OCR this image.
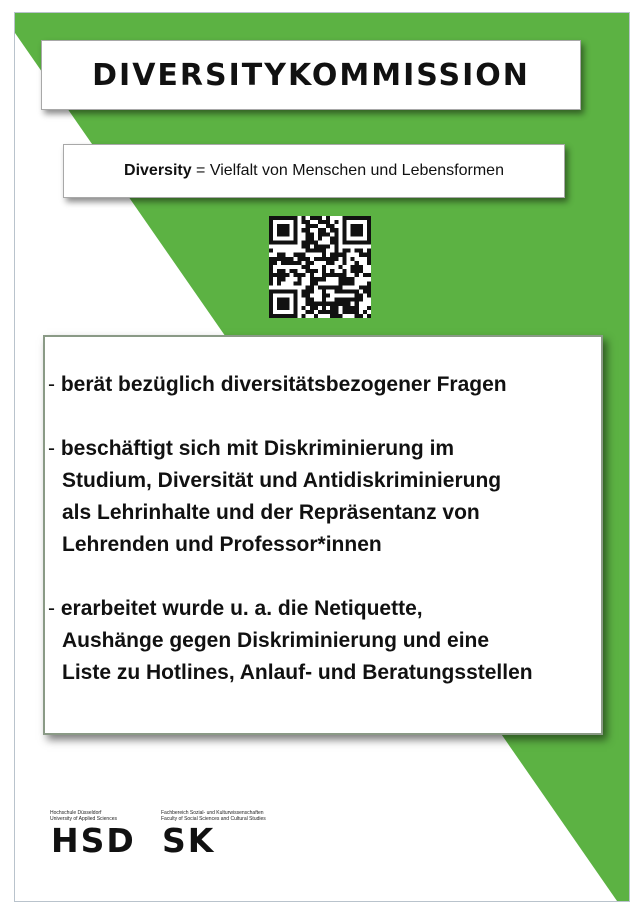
DIVERSITYKOMMISSION
Diversity = Vielfalt von Menschen und Lebensformen
- berät bezüglich diversitätsbezogener Fragen
- beschäftigt sich mit Diskriminierung im
Studium, Diversität und Antidiskriminierung
als Lehrinhalte und der Repräsentanz von
Lehrenden und Professor*innen
- erarbeitet wurde u. a. die Netiquette,
Aushänge gegen Diskriminierung und eine
Liste zu Hotlines, Anlauf- und Beratungsstellen
Hochschule Düsseldorf
University of Applied Sciences
HSD
Fachbereich Sozial- und Kulturwissenschaften
Faculty of Social Sciences and Cultural Studies
SK
